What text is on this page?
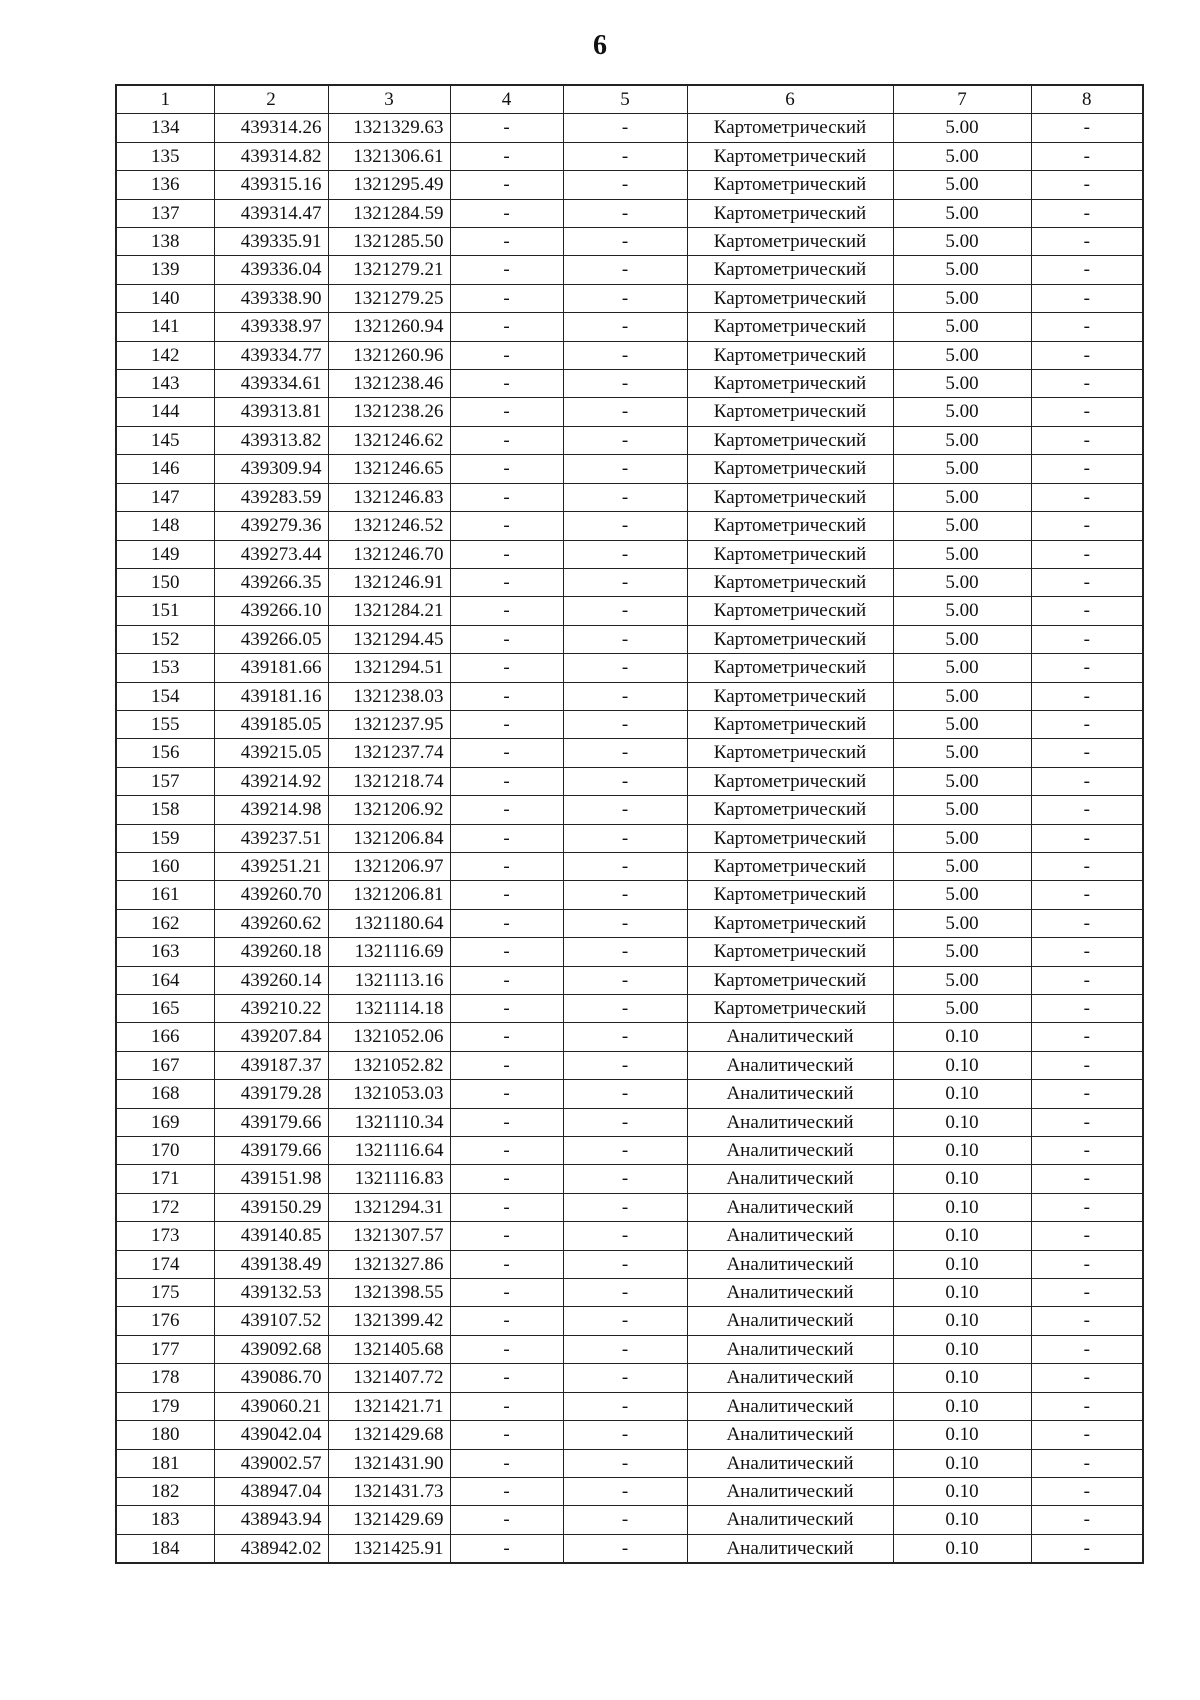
6
1	2	3	4	5	6	7	8
134	439314.26	1321329.63	-	-	Картометрический	5.00	-
135	439314.82	1321306.61	-	-	Картометрический	5.00	-
136	439315.16	1321295.49	-	-	Картометрический	5.00	-
137	439314.47	1321284.59	-	-	Картометрический	5.00	-
138	439335.91	1321285.50	-	-	Картометрический	5.00	-
139	439336.04	1321279.21	-	-	Картометрический	5.00	-
140	439338.90	1321279.25	-	-	Картометрический	5.00	-
141	439338.97	1321260.94	-	-	Картометрический	5.00	-
142	439334.77	1321260.96	-	-	Картометрический	5.00	-
143	439334.61	1321238.46	-	-	Картометрический	5.00	-
144	439313.81	1321238.26	-	-	Картометрический	5.00	-
145	439313.82	1321246.62	-	-	Картометрический	5.00	-
146	439309.94	1321246.65	-	-	Картометрический	5.00	-
147	439283.59	1321246.83	-	-	Картометрический	5.00	-
148	439279.36	1321246.52	-	-	Картометрический	5.00	-
149	439273.44	1321246.70	-	-	Картометрический	5.00	-
150	439266.35	1321246.91	-	-	Картометрический	5.00	-
151	439266.10	1321284.21	-	-	Картометрический	5.00	-
152	439266.05	1321294.45	-	-	Картометрический	5.00	-
153	439181.66	1321294.51	-	-	Картометрический	5.00	-
154	439181.16	1321238.03	-	-	Картометрический	5.00	-
155	439185.05	1321237.95	-	-	Картометрический	5.00	-
156	439215.05	1321237.74	-	-	Картометрический	5.00	-
157	439214.92	1321218.74	-	-	Картометрический	5.00	-
158	439214.98	1321206.92	-	-	Картометрический	5.00	-
159	439237.51	1321206.84	-	-	Картометрический	5.00	-
160	439251.21	1321206.97	-	-	Картометрический	5.00	-
161	439260.70	1321206.81	-	-	Картометрический	5.00	-
162	439260.62	1321180.64	-	-	Картометрический	5.00	-
163	439260.18	1321116.69	-	-	Картометрический	5.00	-
164	439260.14	1321113.16	-	-	Картометрический	5.00	-
165	439210.22	1321114.18	-	-	Картометрический	5.00	-
166	439207.84	1321052.06	-	-	Аналитический	0.10	-
167	439187.37	1321052.82	-	-	Аналитический	0.10	-
168	439179.28	1321053.03	-	-	Аналитический	0.10	-
169	439179.66	1321110.34	-	-	Аналитический	0.10	-
170	439179.66	1321116.64	-	-	Аналитический	0.10	-
171	439151.98	1321116.83	-	-	Аналитический	0.10	-
172	439150.29	1321294.31	-	-	Аналитический	0.10	-
173	439140.85	1321307.57	-	-	Аналитический	0.10	-
174	439138.49	1321327.86	-	-	Аналитический	0.10	-
175	439132.53	1321398.55	-	-	Аналитический	0.10	-
176	439107.52	1321399.42	-	-	Аналитический	0.10	-
177	439092.68	1321405.68	-	-	Аналитический	0.10	-
178	439086.70	1321407.72	-	-	Аналитический	0.10	-
179	439060.21	1321421.71	-	-	Аналитический	0.10	-
180	439042.04	1321429.68	-	-	Аналитический	0.10	-
181	439002.57	1321431.90	-	-	Аналитический	0.10	-
182	438947.04	1321431.73	-	-	Аналитический	0.10	-
183	438943.94	1321429.69	-	-	Аналитический	0.10	-
184	438942.02	1321425.91	-	-	Аналитический	0.10	-
